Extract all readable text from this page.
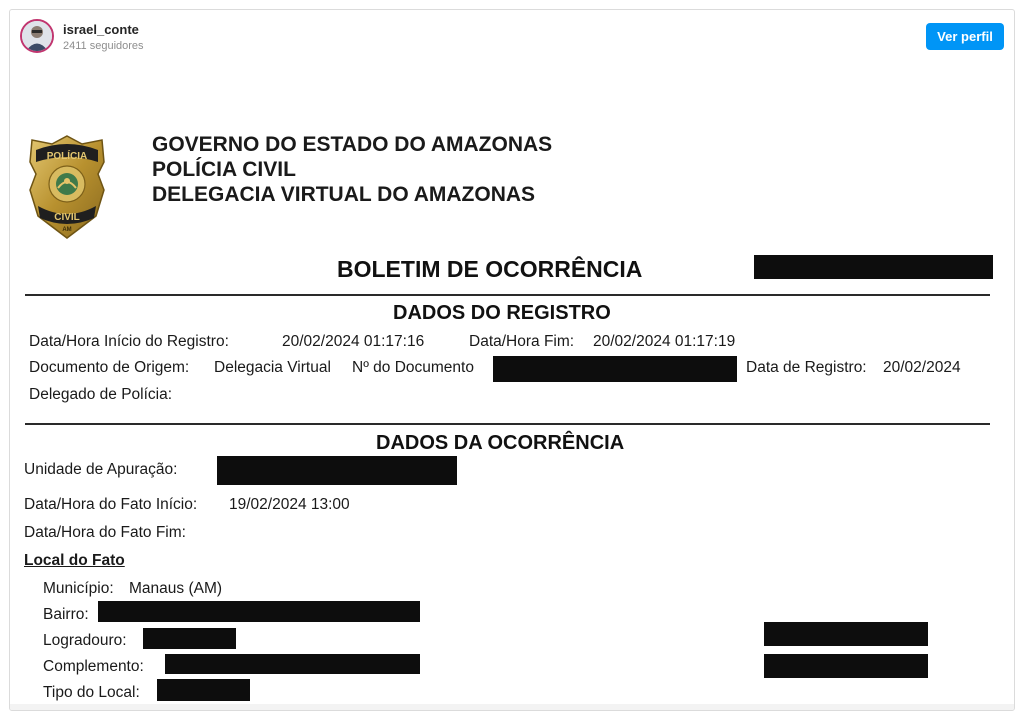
israel_conte
2411 seguidores
Ver perfil
POLÍCIA
CIVIL
AM
GOVERNO DO ESTADO DO AMAZONAS
POLÍCIA CIVIL
DELEGACIA VIRTUAL DO AMAZONAS
BOLETIM DE OCORRÊNCIA
DADOS DO REGISTRO
Data/Hora Início do Registro:	20/02/2024 01:17:16	Data/Hora Fim: 20/02/2024 01:17:19
Documento de Origem: Delegacia Virtual Nº do Documento	Data de Registro: 20/02/2024
Delegado de Polícia:
DADOS DA OCORRÊNCIA
Unidade de Apuração:
Data/Hora do Fato Início: 19/02/2024 13:00
Data/Hora do Fato Fim:
Local do Fato
Município: Manaus (AM)
Bairro:
Logradouro:
Complemento:
Tipo do Local:
